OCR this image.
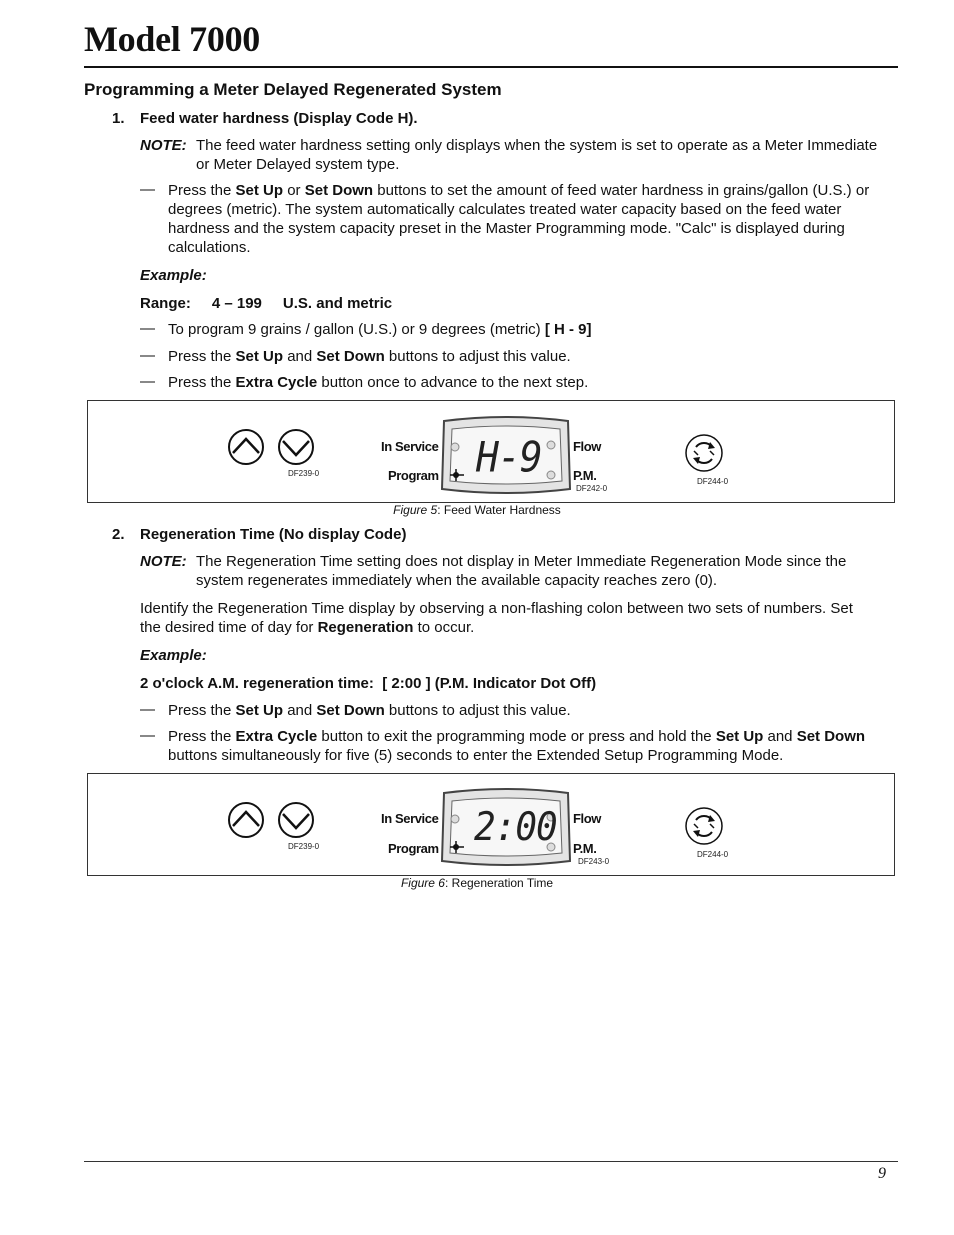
Model 7000
Programming a Meter Delayed Regenerated System
1. Feed water hardness (Display Code H).
NOTE: The feed water hardness setting only displays when the system is set to operate as a Meter Immediate
or Meter Delayed system type.
— Press the Set Up or Set Down buttons to set the amount of feed water hardness in grains/gallon (U.S.) or
degrees (metric). The system automatically calculates treated water capacity based on the feed water
hardness and the system capacity preset in the Master Programming mode. "Calc" is displayed during
calculations.
Example:
Range: 4 – 199 U.S. and metric
— To program 9 grains / gallon (U.S.) or 9 degrees (metric) [ H - 9]
— Press the Set Up and Set Down buttons to adjust this value.
— Press the Extra Cycle button once to advance to the next step.
DF239-0
In Service
Program H-9 Flow
P.M.
DF242-0
DF244-0
Figure 5: Feed Water Hardness
2. Regeneration Time (No display Code)
NOTE: The Regeneration Time setting does not display in Meter Immediate Regeneration Mode since the
system regenerates immediately when the available capacity reaches zero (0).
Identify the Regeneration Time display by observing a non-flashing colon between two sets of numbers. Set
the desired time of day for Regeneration to occur.
Example:
2 o'clock A.M. regeneration time:  [ 2:00 ] (P.M. Indicator Dot Off)
— Press the Set Up and Set Down buttons to adjust this value.
— Press the Extra Cycle button to exit the programming mode or press and hold the Set Up and Set Down
buttons simultaneously for five (5) seconds to enter the Extended Setup Programming Mode.
DF239-0
In Service
Program 2:00 Flow
P.M.
DF243-0
DF244-0
Figure 6: Regeneration Time
9
